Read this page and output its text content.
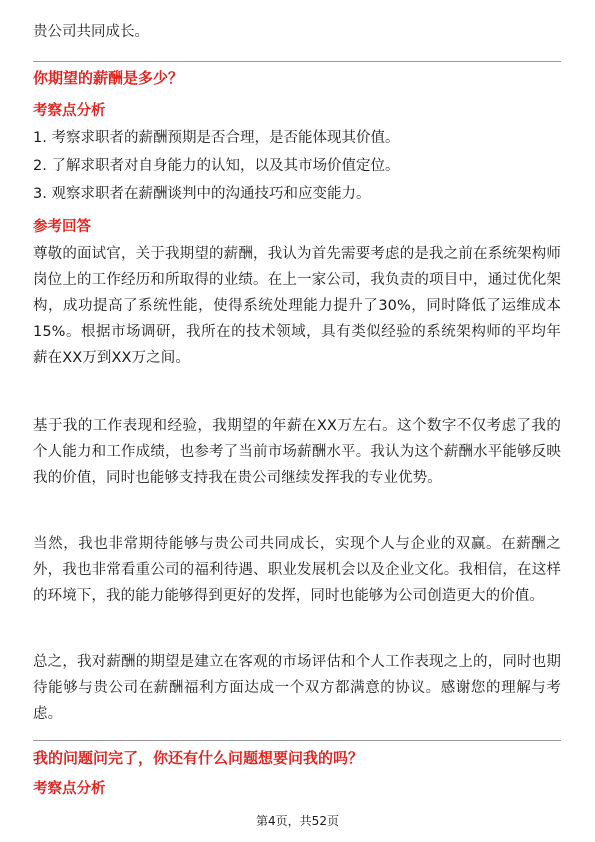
贵公司共同成长。

你期望的薪酬是多少？
考察点分析

1. 考察求职者的薪酬预期是否合理，是否能体现其价值。

2. 了解求职者对自身能力的认知，以及其市场价值定位。

3. 观察求职者在薪酬谈判中的沟通技巧和应变能力。

参考回答

尊敬的面试官，关于我期望的薪酬，我认为首先需要考虑的是我之前在系统架构师岗位上的工作经历和所取得的业绩。在上一家公司，我负责的项目中，通过优化架构，成功提高了系统性能，使得系统处理能力提升了30%，同时降低了运维成本15%。根据市场调研，我所在的技术领域，具有类似经验的系统架构师的平均年薪在XX万到XX万之间。

基于我的工作表现和经验，我期望的年薪在XX万左右。这个数字不仅考虑了我的个人能力和工作成绩，也参考了当前市场薪酬水平。我认为这个薪酬水平能够反映我的价值，同时也能够支持我在贵公司继续发挥我的专业优势。

当然，我也非常期待能够与贵公司共同成长，实现个人与企业的双赢。在薪酬之外，我也非常看重公司的福利待遇、职业发展机会以及企业文化。我相信，在这样的环境下，我的能力能够得到更好的发挥，同时也能够为公司创造更大的价值。

总之，我对薪酬的期望是建立在客观的市场评估和个人工作表现之上的，同时也期待能够与贵公司在薪酬福利方面达成一个双方都满意的协议。感谢您的理解与考虑。

我的问题问完了，你还有什么问题想要问我的吗？
考察点分析
第4页，共52页
